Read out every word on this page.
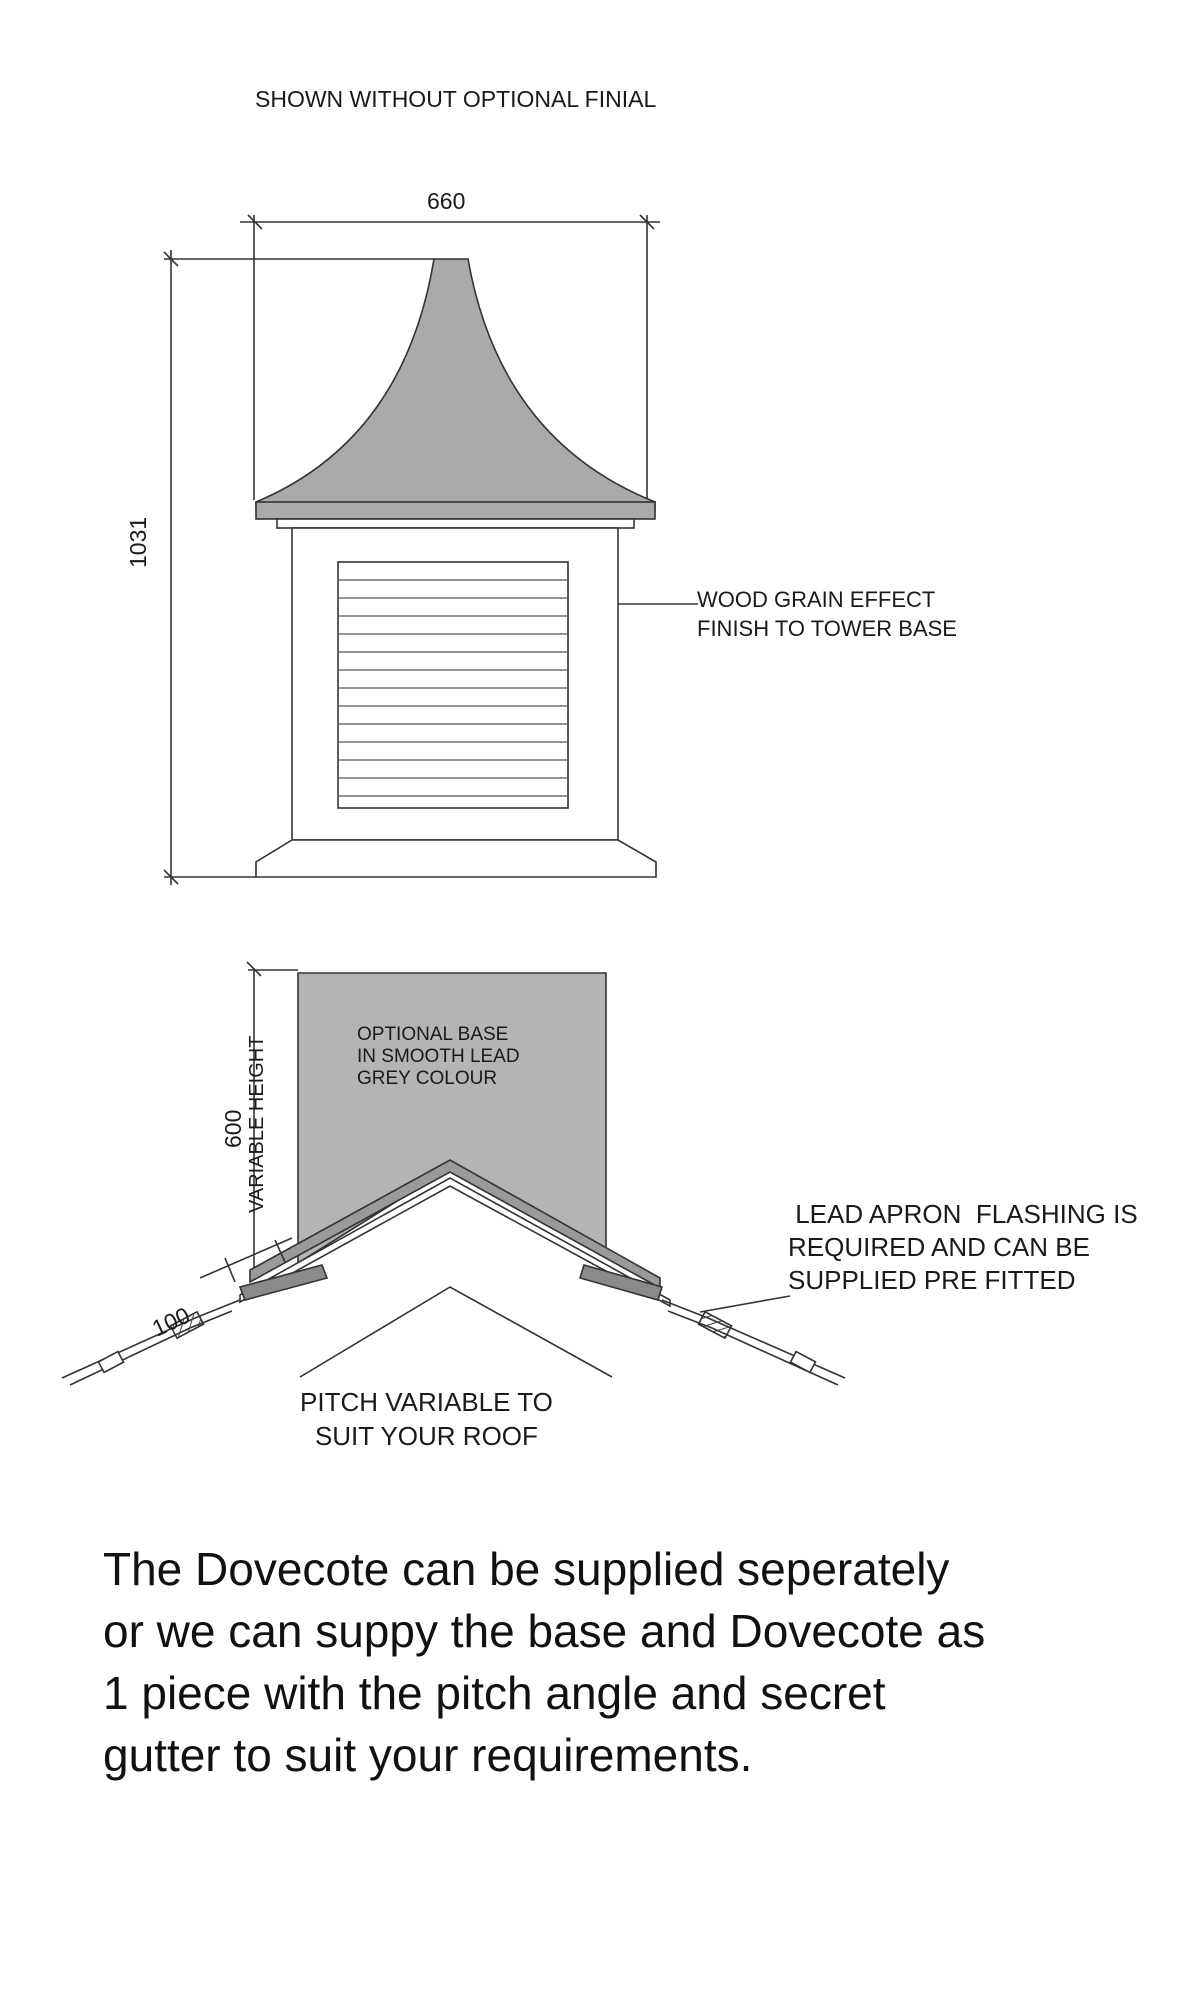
SHOWN WITHOUT OPTIONAL FINIAL
660
1031
WOOD GRAIN EFFECT
FINISH TO TOWER BASE
OPTIONAL BASE
IN SMOOTH LEAD
GREY COLOUR
600 VARIABLE HEIGHT
100
LEAD APRON  FLASHING IS
REQUIRED AND CAN BE
SUPPLIED PRE FITTED
PITCH VARIABLE TO
SUIT YOUR ROOF
The Dovecote can be supplied seperately or we can suppy the base and Dovecote as 1 piece with the pitch angle and secret gutter to suit your requirements.
